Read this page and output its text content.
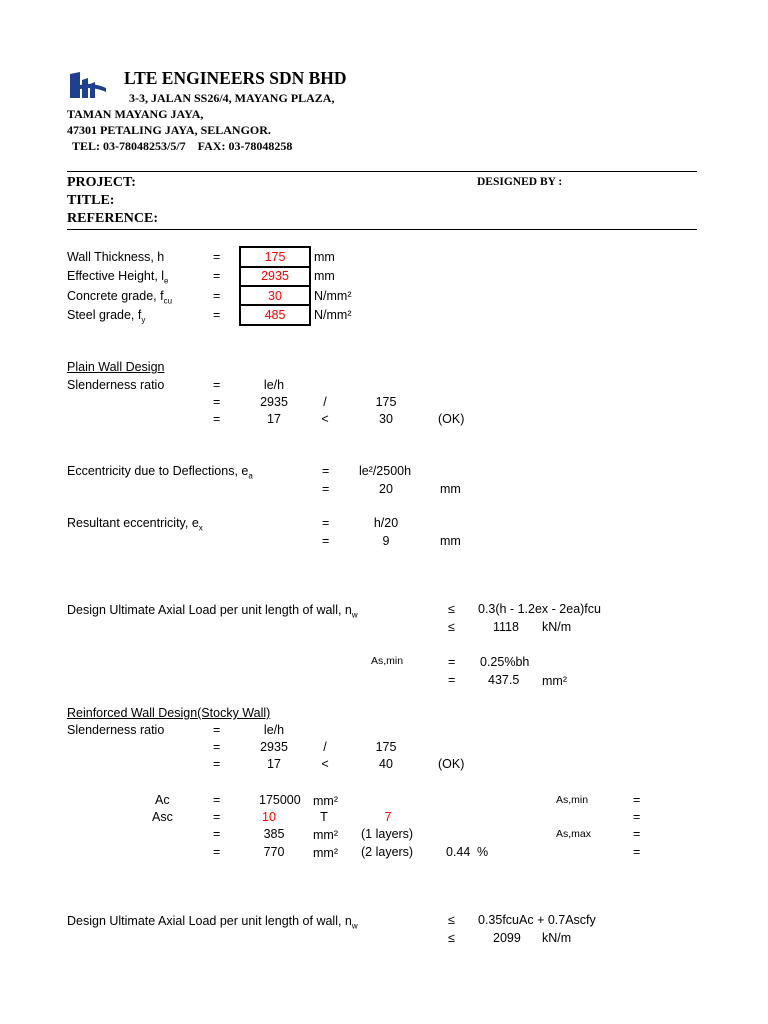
LTE ENGINEERS SDN BHD
3-3, JALAN SS26/4, MAYANG PLAZA,
TAMAN MAYANG JAYA,
47301 PETALING JAYA, SELANGOR.
TEL: 03-78048253/5/7    FAX: 03-78048258
PROJECT:	DESIGNED BY :
TITLE:
REFERENCE:
Wall Thickness, h	=	175	mm
Effective Height, $l_e$	=	2935	mm
Concrete grade, $f_{cu}$	=	30	N/mm²
Steel grade, $f_y$	=	485	N/mm²
Plain Wall Design
Slenderness ratio	=	le/h
=	2935	/	175
=	17	<	30	(OK)
Eccentricity due to Deflections, $e_a$	=	le²/2500h
=	20	mm
Resultant eccentricity, $e_x$	=	h/20
=	9	mm
Design Ultimate Axial Load per unit length of wall, $n_w$	≤ 0.3(h - 1.2ex - 2ea)fcu
≤	1118 kN/m
As,min	= 0.25%bh
=	437.5 mm²
Reinforced Wall Design(Stocky Wall)
Slenderness ratio	=	le/h
=	2935	/	175
=	17	<	40	(OK)
Ac	=	175000 mm²	As,min	=
Asc	=	10	T	7	=
=	385	mm² (1 layers)	As,max	=
=	770	mm² (2 layers)	0.44 %	=
Design Ultimate Axial Load per unit length of wall, $n_w$	≤ 0.35fcuAc + 0.7Ascfy
≤	2099 kN/m
